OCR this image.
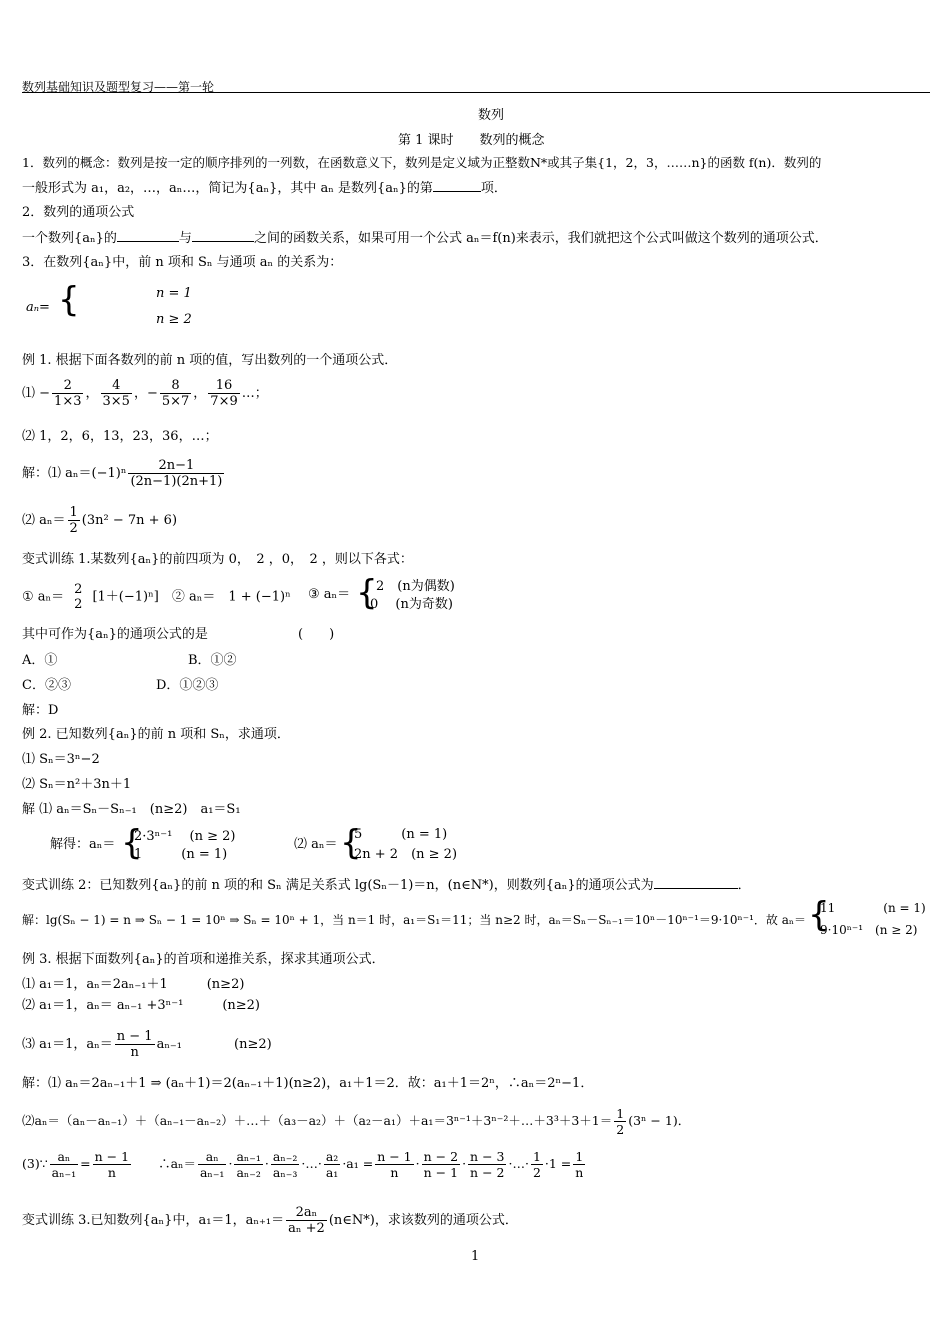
数列基础知识及题型复习——第一轮
数列
第 1 课时　　数列的概念
1．数列的概念：数列是按一定的顺序排列的一列数，在函数意义下，数列是定义域为正整数N*或其子集{1，2，3，……n}的函数 f(n)．数列的
一般形式为 a₁，a₂，…，aₙ…，简记为{aₙ}，其中 aₙ 是数列{aₙ}的第	项．
2．数列的通项公式
一个数列{aₙ}的	与	之间的函数关系，如果可用一个公式 aₙ＝f(n)来表示，我们就把这个公式叫做这个数列的通项公式．
3．在数列{aₙ}中，前 n 项和 Sₙ 与通项 aₙ 的关系为：
aₙ= {	n = 1
n ≥ 2
例 1. 根据下面各数列的前 n 项的值，写出数列的一个通项公式．
⑴ − $\frac{2}{1\times 3}$ ， $\frac{4}{3\times 5}$ ，− $\frac{8}{5\times 7}$ ， $\frac{16}{7\times 9}$ …；
⑵ 1，2，6，13，23，36，…；
解：⑴ $a_n=(-1)^n \frac{2n-1}{(2n-1)(2n+1)}$
⑵ $a_n= \frac{1}{2} (3n^2 - 7n + 6)$
变式训练 1.某数列{aₙ}的前四项为 0，　2 ，0，　2 ，则以下各式：
① aₙ＝ 2
2 [1＋(−1)ⁿ]　 ② aₙ＝　1 + (−1)ⁿ ③ aₙ＝ {
2　(n为偶数)
0　 (n为奇数)
其中可作为{aₙ}的通项公式的是	(　　)
A．①	B．①②
C．②③	D．①②③
解：D
例 2. 已知数列{aₙ}的前 n 项和 Sₙ，求通项．
⑴ Sₙ＝3ⁿ−2
⑵ Sₙ＝n²＋3n＋1
解 ⑴ aₙ＝Sₙ－Sₙ₋₁　(n≥2)　a₁＝S₁
解得：aₙ＝ {
2·3ⁿ⁻¹　 (n ≥ 2)
1　　　(n = 1)
⑵ aₙ＝ {
5　　　(n = 1)
2n + 2　(n ≥ 2)
变式训练 2：已知数列{aₙ}的前 n 项的和 Sₙ 满足关系式 lg(Sₙ－1)＝n，(n∈N*)，则数列{aₙ}的通项公式为	．
解：lg(Sₙ − 1) = n ⇒ Sₙ − 1 = 10ⁿ ⇒ Sₙ = 10ⁿ + 1，当 n＝1 时，a₁＝S₁＝11；当 n≥2 时，aₙ＝Sₙ－Sₙ₋₁＝10ⁿ－10ⁿ⁻¹＝9·10ⁿ⁻¹．故 aₙ＝ {
11　　　　(n = 1)
9·10ⁿ⁻¹　(n ≥ 2)
例 3. 根据下面数列{aₙ}的首项和递推关系，探求其通项公式．
⑴ a₁＝1，aₙ＝2aₙ₋₁＋1　　　(n≥2)
⑵ a₁＝1，aₙ＝ aₙ₋₁ +3ⁿ⁻¹　　　(n≥2)
⑶ a₁＝1，$a_n= \frac{n - 1}{n} a_{n-1}$　　　　(n≥2)
解：⑴ aₙ＝2aₙ₋₁＋1 ⇒ (aₙ＋1)＝2(aₙ₋₁＋1)(n≥2)，a₁＋1＝2．故：a₁＋1＝2ⁿ，∴aₙ＝2ⁿ−1．
⑵aₙ＝（aₙ－aₙ₋₁）＋（aₙ₋₁－aₙ₋₂）＋…＋（a₃－a₂）＋（a₂－a₁）＋a₁＝3ⁿ⁻¹＋3ⁿ⁻²＋…＋3³＋3＋1＝ $\frac{1}{2} (3^n - 1)$．
(3)∵ $\frac{\text{aₙ}}{\text{aₙ₋₁}} = \frac{n - 1}{n}$
　　 ∴aₙ＝ $\frac{\text{aₙ}}{\text{aₙ₋₁}} \cdot \frac{\text{aₙ₋₁}}{\text{aₙ₋₂}} \cdot \frac{\text{aₙ₋₂}}{\text{aₙ₋₃}}$ ·…· $\frac{\text{a₂}}{\text{a₁}} \cdot a_1 = \frac{n - 1}{n} \cdot \frac{n - 2}{n - 1} \cdot \frac{n - 3}{n - 2}$ ·…· $\frac{1}{2} \cdot 1 = \frac{1}{n}$
变式训练 3.已知数列{aₙ}中，a₁＝1，$a_{n+1}= \frac{\text{2aₙ}}{\text{aₙ +2}}$ (n∈N*)，求该数列的通项公式．
1
